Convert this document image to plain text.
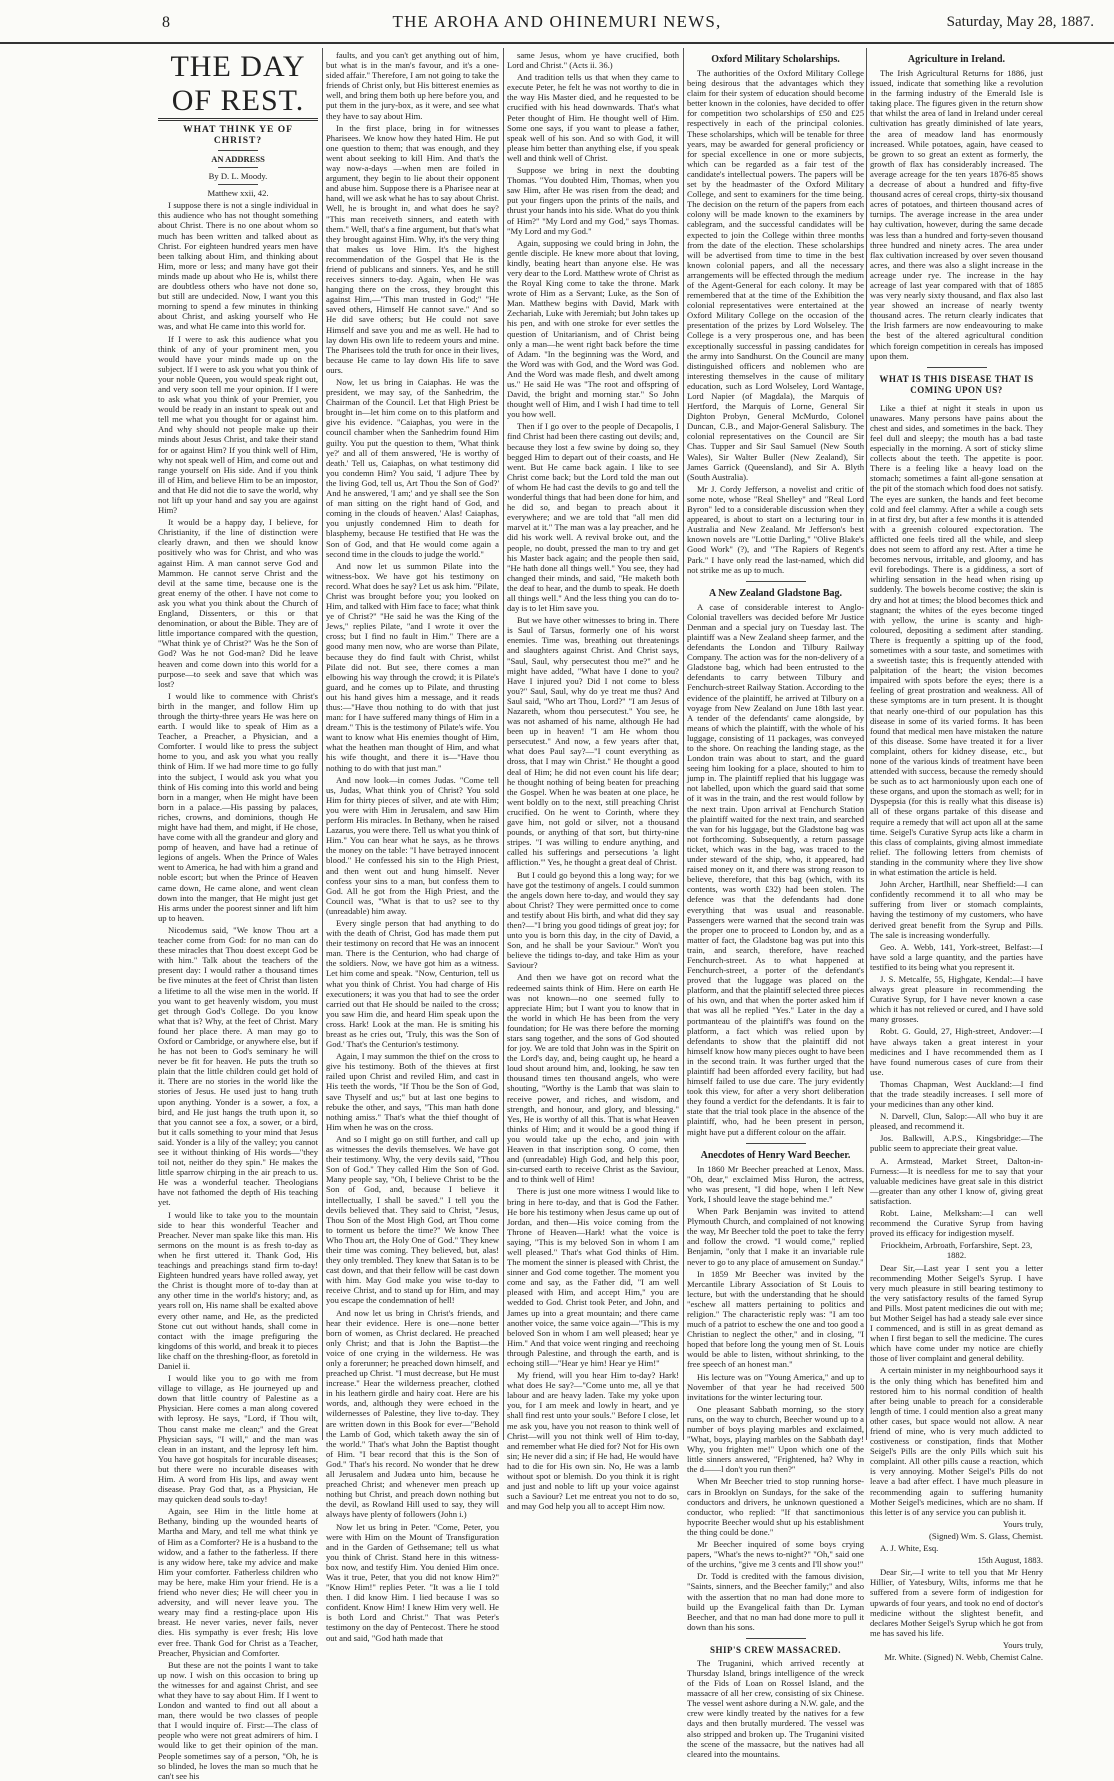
8	THE AROHA AND OHINEMURI NEWS,	Saturday, May 28, 1887.
THE DAY OF REST.
WHAT THINK YE OF CHRIST?
AN ADDRESS

By D. L. Moody.

Matthew xxii, 42.

I suppose there is not a single individual in this audience who has not thought something about Christ. There is no one about whom so much has been written and talked about as Christ. For eighteen hundred years men have been talking about Him, and thinking about Him, more or less; and many have got their minds made up about who He is, whilst there are doubtless others who have not done so, but still are undecided. Now, I want you this morning to spend a few minutes in thinking about Christ, and asking yourself who He was, and what He came into this world for.

If I were to ask this audience what you think of any of your prominent men, you would have your minds made up on the subject. If I were to ask you what you think of your noble Queen, you would speak right out, and very soon tell me your opinion. If I were to ask what you think of your Premier, you would be ready in an instant to speak out and tell me what you thought for or against him. And why should not people make up their minds about Jesus Christ, and take their stand for or against Him? If you think well of Him, why not speak well of Him, and come out and range yourself on His side. And if you think ill of Him, and believe Him to be an impostor, and that He did not die to save the world, why not lift up your hand and say you are against Him?

It would be a happy day, I believe, for Christianity, if the line of distinction were clearly drawn, and then we should know positively who was for Christ, and who was against Him. A man cannot serve God and Mammon. He cannot serve Christ and the devil at the same time, because one is the great enemy of the other. I have not come to ask you what you think about the Church of England, Dissenters, or this or that denomination, or about the Bible. They are of little importance compared with the question, "What think ye of Christ?" Was he the Son of God? Was he not God-man? Did he leave heaven and come down into this world for a purpose—to seek and save that which was lost?

I would like to commence with Christ's birth in the manger, and follow Him up through the thirty-three years He was here on earth. I would like to speak of Him as a Teacher, a Preacher, a Physician, and a Comforter. I would like to press the subject home to you, and ask you what you really think of Him. If we had more time to go fully into the subject, I would ask you what you think of His coming into this world and being born in a manger, when He might have been born in a palace.—His passing by palaces, riches, crowns, and dominions, though He might have had them, and might, if He chose, have come with all the grandeur and glory and pomp of heaven, and have had a retinue of legions of angels. When the Prince of Wales went to America, he had with him a grand and noble escort; but when the Prince of Heaven came down, He came alone, and went clean down into the manger, that He might just get His arms under the poorest sinner and lift him up to heaven.

Nicodemus said, "We know Thou art a teacher come from God: for no man can do these miracles that Thou doest except God be with him." Talk about the teachers of the present day: I would rather a thousand times be five minutes at the feet of Christ than listen a lifetime to all the wise men in the world. If you want to get heavenly wisdom, you must get through God's College. Do you know what that is? Why, at the feet of Christ. Mary found her place there. A man may go to Oxford or Cambridge, or anywhere else, but if he has not been to God's seminary he will never be fit for heaven. He puts the truth so plain that the little children could get hold of it. There are no stories in the world like the stories of Jesus. He used just to hang truth upon anything. Yonder is a sower, a fox, a bird, and He just hangs the truth upon it, so that you cannot see a fox, a sower, or a bird, but it calls something to your mind that Jesus said. Yonder is a lily of the valley; you cannot see it without thinking of His words—"they toil not, neither do they spin." He makes the little sparrow chirping in the air preach to us. He was a wonderful teacher. Theologians have not fathomed the depth of His teaching yet.

I would like to take you to the mountain side to hear this wonderful Teacher and Preacher. Never man spake like this man. His sermons on the mount is as fresh to-day as when he first uttered it. Thank God, His teachings and preachings stand firm to-day! Eighteen hundred years have rolled away, yet the Christ is thought more of to-day than at any other time in the world's history; and, as years roll on, His name shall be exalted above every other name, and He, as the predicted Stone cut out without hands, shall come in contact with the image prefiguring the kingdoms of this world, and break it to pieces like chaff on the threshing-floor, as foretold in Daniel ii.

I would like you to go with me from village to village, as He journeyed up and down that little country of Palestine as a Physician. Here comes a man along covered with leprosy. He says, "Lord, if Thou wilt, Thou canst make me clean;" and the Great Physician says, "I will," and the man was clean in an instant, and the leprosy left him. You have got hospitals for incurable diseases; but there were no incurable diseases with Him. A word from His lips, and away went disease. Pray God that, as a Physician, He may quicken dead souls to-day!

Again, see Him in the little home at Bethany, binding up the wounded hearts of Martha and Mary, and tell me what think ye of Him as a Comforter? He is a husband to the widow, and a father to the fatherless. If there is any widow here, take my advice and make Him your comforter. Fatherless children who may be here, make Him your friend. He is a friend who never dies; He will cheer you in adversity, and will never leave you. The weary may find a resting-place upon His breast. He never varies, never fails, never dies. His sympathy is ever fresh; His love ever free. Thank God for Christ as a Teacher, Preacher, Physician and Comforter.

But these are not the points I want to take up now. I wish on this occasion to bring up the witnesses for and against Christ, and see what they have to say about Him. If I went to London and wanted to find out all about a man, there would be two classes of people that I would inquire of. First:—The class of people who were not great admirers of him. I would like to get their opinion of the man. People sometimes say of a person, "Oh, he is so blinded, he loves the man so much that he can't see his

faults, and you can't get anything out of him, but what is in the man's favour, and it's a one-sided affair." Therefore, I am not going to take the friends of Christ only, but His bitterest enemies as well, and bring them both up here before you, and put them in the jury-box, as it were, and see what they have to say about Him.

In the first place, bring in for witnesses Pharisees. We know how they hated Him. He put one question to them; that was enough, and they went about seeking to kill Him. And that's the way now-a-days —when men are foiled in argument, they begin to lie about their opponent and abuse him. Suppose there is a Pharisee near at hand, will we ask what he has to say about Christ. Well, he is brought in, and what does he say? "This man receiveth sinners, and eateth with them." Well, that's a fine argument, but that's what they brought against Him. Why, it's the very thing that makes us love Him. It's the highest recommendation of the Gospel that He is the friend of publicans and sinners. Yes, and he still receives sinners to-day. Again, when He was hanging there on the cross, they brought this against Him,—"This man trusted in God;" "He saved others, Himself He cannot save." And so He did save others; but He could not save Himself and save you and me as well. He had to lay down His own life to redeem yours and mine. The Pharisees told the truth for once in their lives, because He came to lay down His life to save ours.

Now, let us bring in Caiaphas. He was the president, we may say, of the Sanhedrim, the Chairman of the Council. Let that High Priest be brought in—let him come on to this platform and give his evidence. "Caiaphas, you were in the council chamber when the Sanhedrim found Him guilty. You put the question to them, 'What think ye?' and all of them answered, 'He is worthy of death.' Tell us, Caiaphas, on what testimony did you condemn Him? You said, 'I adjure Thee by the living God, tell us, Art Thou the Son of God?' And he answered, 'I am;' and ye shall see the Son of man sitting on the right hand of God, and coming in the clouds of heaven.' Alas! Caiaphas, you unjustly condemned Him to death for blasphemy, because He testified that He was the Son of God, and that He would come again a second time in the clouds to judge the world."

And now let us summon Pilate into the witness-box. We have got his testimony on record. What does he say? Let us ask him. "Pilate, Christ was brought before you; you looked on Him, and talked with Him face to face; what think ye of Christ?" "He said he was the King of the Jews," replies Pilate, "and I wrote it over the cross; but I find no fault in Him." There are a good many men now, who are worse than Pilate, because they do find fault with Christ, whilst Pilate did not. But see, there comes a man elbowing his way through the crowd; it is Pilate's guard, and he comes up to Pilate, and thrusting out his hand gives him a message, and it reads thus:—"Have thou nothing to do with that just man: for I have suffered many things of Him in a dream." This is the testimony of Pilate's wife. You want to know what His enemies thought of Him, what the heathen man thought of Him, and what his wife thought, and there it is—"Have thou nothing to do with that just man."

And now look—in comes Judas. "Come tell us, Judas, What think you of Christ? You sold Him for thirty pieces of silver, and ate with Him; you were with Him in Jerusalem, and saw Him perform His miracles. In Bethany, when he raised Lazarus, you were there. Tell us what you think of Him." You can hear what he says, as he throws the money on the table: "I have betrayed innocent blood." He confessed his sin to the High Priest, and then went out and hung himself. Never confess your sins to a man, but confess them to God. All he got from the High Priest, and the Council was, "What is that to us? see to thy (unreadable) him away.

Every single person that had anything to do with the death of Christ, God has made them put their testimony on record that He was an innocent man. There is the Centurion, who had charge of the soldiers. Now, we have got him as a witness. Let him come and speak. "Now, Centurion, tell us what you think of Christ. You had charge of His executioners; it was you that had to see the order carried out that He should be nailed to the cross; you saw Him die, and heard Him speak upon the cross. Hark! Look at the man. He is smiting his breast as he cries out, 'Truly, this was the Son of God.' That's the Centurion's testimony.

Again, I may summon the thief on the cross to give his testimony. Both of the thieves at first railed upon Christ and reviled Him, and cast in His teeth the words, "If Thou be the Son of God, save Thyself and us;" but at last one begins to rebuke the other, and says, "This man hath done nothing amiss." That's what the thief thought of Him when he was on the cross.

And so I might go on still further, and call up as witnesses the devils themselves. We have got their testimony. Why, the very devils said, "Thou Son of God." They called Him the Son of God. Many people say, "Oh, I believe Christ to be the Son of God, and, because I believe it intellectually, I shall be saved." I tell you the devils believed that. They said to Christ, "Jesus, Thou Son of the Most High God, art Thou come to torment us before the time?" We know Thee Who Thou art, the Holy One of God." They knew their time was coming. They believed, but, alas! they only trembled. They knew that Satan is to be cast down, and that their fellow will be cast down with him. May God make you wise to-day to receive Christ, and to stand up for Him, and may you escape the condemnation of hell!

And now let us bring in Christ's friends, and hear their evidence. Here is one—none better born of women, as Christ declared. He preached only Christ; and that is John the Baptist—the voice of one crying in the wilderness. He was only a forerunner; he preached down himself, and preached up Christ. "I must decrease, but He must increase." Hear the wilderness preacher, clothed in his leathern girdle and hairy coat. Here are his words, and, although they were echoed in the wildernesses of Palestine, they live to-day. They are written down in this Book for ever—"Behold the Lamb of God, which taketh away the sin of the world." That's what John the Baptist thought of Him. "I bear record that this is the Son of God." That's his record. No wonder that he drew all Jerusalem and Judæa unto him, because he preached Christ; and whenever men preach up nothing but Christ, and preach down nothing but the devil, as Rowland Hill used to say, they will always have plenty of followers (John i.)

Now let us bring in Peter. "Come, Peter, you were with Him on the Mount of Transfiguration and in the Garden of Gethsemane; tell us what you think of Christ. Stand here in this witness-box now, and testify Him. You denied Him once. Was it true, Peter, that you did not know Him?" "Know Him!" replies Peter. "It was a lie I told then. I did know Him. I lied because I was so confident. Know Him! I knew Him very well. He is both Lord and Christ." That was Peter's testimony on the day of Pentecost. There he stood out and said, "God hath made that

same Jesus, whom ye have crucified, both Lord and Christ." (Acts ii. 36.)

And tradition tells us that when they came to execute Peter, he felt he was not worthy to die in the way His Master died, and he requested to be crucified with his head downwards. That's what Peter thought of Him. He thought well of Him. Some one says, if you want to please a father, speak well of his son. And so with God, it will please him better than anything else, if you speak well and think well of Christ.

Suppose we bring in next the doubting Thomas. "You doubted Him, Thomas, when you saw Him, after He was risen from the dead; and put your fingers upon the prints of the nails, and thrust your hands into his side. What do you think of Him?" "My Lord and my God," says Thomas. "My Lord and my God."

Again, supposing we could bring in John, the gentle disciple. He knew more about that loving, kindly, beating heart than anyone else. He was very dear to the Lord. Matthew wrote of Christ as the Royal King come to take the throne. Mark wrote of Him as a Servant; Luke, as the Son of Man. Matthew begins with David, Mark with Zechariah, Luke with Jeremiah; but John takes up his pen, and with one stroke for ever settles the question of Unitarianism, and of Christ being only a man—he went right back before the time of Adam. "In the beginning was the Word, and the Word was with God, and the Word was God. And the Word was made flesh, and dwelt among us." He said He was "The root and offspring of David, the bright and morning star." So John thought well of Him, and I wish I had time to tell you how well.

Then if I go over to the people of Decapolis, I find Christ had been there casting out devils; and, because they lost a few swine by doing so, they begged Him to depart out of their coasts, and He went. But He came back again. I like to see Christ come back; but the Lord told the man out of whom He had cast the devils to go and tell the wonderful things that had been done for him, and he did so, and began to preach about it everywhere; and we are told that "all men did marvel at it." The man was a lay preacher, and he did his work well. A revival broke out, and the people, no doubt, pressed the man to try and get his Master back again; and the people then said, "He hath done all things well." You see, they had changed their minds, and said, "He maketh both the deaf to hear, and the dumb to speak. He doeth all things well." And the less thing you can do to-day is to let Him save you.

But we have other witnesses to bring in. There is Saul of Tarsus, formerly one of his worst enemies. Time was, breathing out threatenings and slaughters against Christ. And Christ says, "Saul, Saul, why persecutest thou me?" and he might have added, "What have I done to you? Have I injured you? Did I not come to bless you?" Saul, Saul, why do ye treat me thus? And Saul said, "Who art Thou, Lord?" "I am Jesus of Nazareth, whom thou persecutest." You see, he was not ashamed of his name, although He had been up in heaven! "I am He whom thou persecutest." And now, a few years after that, what does Paul say?—"I count everything as dross, that I may win Christ." He thought a good deal of Him; he did not even count his life dear; he thought nothing of being beaten for preaching the Gospel. When he was beaten at one place, he went boldly on to the next, still preaching Christ crucified. On he went to Corinth, where they gave him, not gold or silver, not a thousand pounds, or anything of that sort, but thirty-nine stripes. "I was willing to endure anything, and called his sufferings and persecutions 'a light affliction.'" Yes, he thought a great deal of Christ.

But I could go beyond this a long way; for we have got the testimony of angels. I could summon the angels down here to-day, and would they say about Christ? They were permitted once to come and testify about His birth, and what did they say then?—"I bring you good tidings of great joy; for unto you is born this day, in the city of David, a Son, and he shall be your Saviour." Won't you believe the tidings to-day, and take Him as your Saviour?

And then we have got on record what the redeemed saints think of Him. Here on earth He was not known—no one seemed fully to appreciate Him; but I want you to know that in the world in which He has been from the very foundation; for He was there before the morning stars sang together, and the sons of God shouted for joy. We are told that John was in the Spirit on the Lord's day, and, being caught up, he heard a loud shout around him, and, looking, he saw ten thousand times ten thousand angels, who were shouting, "Worthy is the Lamb that was slain to receive power, and riches, and wisdom, and strength, and honour, and glory, and blessing." Yes, He is worthy of all this. That is what Heaven thinks of Him; and it would be a good thing if you would take up the echo, and join with Heaven in that inscription song. O come, then and (unreadable) High God, and help this poor, sin-cursed earth to receive Christ as the Saviour, and to think well of Him!

There is just one more witness I would like to bring in here to-day, and that is God the Father. He bore his testimony when Jesus came up out of Jordan, and then—His voice coming from the Throne of Heaven—Hark! what the voice is saying, "This is my beloved Son in whom I am well pleased." That's what God thinks of Him. The moment the sinner is pleased with Christ, the sinner and God come together. The moment you come and say, as the Father did, "I am well pleased with Him, and accept Him," you are wedded to God. Christ took Peter, and John, and James up into a great mountain; and there came another voice, the same voice again—"This is my beloved Son in whom I am well pleased; hear ye Him." And that voice went ringing and reechoing through Palestine, and through the earth, and is echoing still—"Hear ye him! Hear ye Him!"

My friend, will you hear Him to-day? Hark! what does He say?—"Come unto me, all ye that labour and are heavy laden. Take my yoke upon you, for I am meek and lowly in heart, and ye shall find rest unto your souls." Before I close, let me ask you, have you not reason to think well of Christ—will you not think well of Him to-day, and remember what He died for? Not for His own sin; He never did a sin; if He had, He would have had to die for His own sin. No, He was a lamb without spot or blemish. Do you think it is right and just and noble to lift up your voice against such a Saviour? Let me entreat you not to do so, and may God help you all to accept Him now.

Oxford Military Scholarships.

The authorities of the Oxford Military College being desirous that the advantages which they claim for their system of education should become better known in the colonies, have decided to offer for competition two scholarships of £50 and £25 respectively in each of the principal colonies. These scholarships, which will be tenable for three years, may be awarded for general proficiency or for special excellence in one or more subjects, which can be regarded as a fair test of the candidate's intellectual powers. The papers will be set by the headmaster of the Oxford Military College, and sent to examiners for the time being. The decision on the return of the papers from each colony will be made known to the examiners by cablegram, and the successful candidates will be expected to join the College within three months from the date of the election. These scholarships will be advertised from time to time in the best known colonial papers, and all the necessary arrangements will be effected through the medium of the Agent-General for each colony. It may be remembered that at the time of the Exhibition the colonial representatives were entertained at the Oxford Military College on the occasion of the presentation of the prizes by Lord Wolseley. The College is a very prosperous one, and has been exceptionally successful in passing candidates for the army into Sandhurst. On the Council are many distinguished officers and noblemen who are interesting themselves in the cause of military education, such as Lord Wolseley, Lord Wantage, Lord Napier (of Magdala), the Marquis of Hertford, the Marquis of Lorne, General Sir Dighton Probyn, General McMurdo, Colonel Duncan, C.B., and Major-General Salisbury. The colonial representatives on the Council are Sir Chas. Tupper and Sir Saul Samuel (New South Wales), Sir Walter Buller (New Zealand), Sir James Garrick (Queensland), and Sir A. Blyth (South Australia).

Mr J. Cordy Jefferson, a novelist and critic of some note, whose "Real Shelley" and "Real Lord Byron" led to a considerable discussion when they appeared, is about to start on a lecturing tour in Australia and New Zealand. Mr Jefferson's best known novels are "Lottie Darling," "Olive Blake's Good Work" (?), and "The Rapiers of Regent's Park." I have only read the last-named, which did not strike me as up to much.

A New Zealand Gladstone Bag.

A case of considerable interest to Anglo-Colonial travellers was decided before Mr Justice Denman and a special jury on Tuesday last. The plaintiff was a New Zealand sheep farmer, and the defendants the London and Tilbury Railway Company. The action was for the non-delivery of a Gladstone bag, which had been entrusted to the defendants to carry between Tilbury and Fenchurch-street Railway Station. According to the evidence of the plaintiff, he arrived at Tilbury on a voyage from New Zealand on June 18th last year. A tender of the defendants' came alongside, by means of which the plaintiff, with the whole of his luggage, consisting of 11 packages, was conveyed to the shore. On reaching the landing stage, as the London train was about to start, and the guard seeing him looking for a place, shouted to him to jump in. The plaintiff replied that his luggage was not labelled, upon which the guard said that some of it was in the train, and the rest would follow by the next train. Upon arrival at Fenchurch Station the plaintiff waited for the next train, and searched the van for his luggage, but the Gladstone bag was not forthcoming. Subsequently, a return passage ticket, which was in the bag, was traced to the under steward of the ship, who, it appeared, had raised money on it, and there was strong reason to believe, therefore, that this bag (which, with its contents, was worth £32) had been stolen. The defence was that the defendants had done everything that was usual and reasonable. Passengers were warned that the second train was the proper one to proceed to London by, and as a matter of fact, the Gladstone bag was put into this train, and search, therefore, have reached Fenchurch-street. As to what happened at Fenchurch-street, a porter of the defendant's proved that the luggage was placed on the platform, and that the plaintiff selected three pieces of his own, and that when the porter asked him if that was all he replied "Yes." Later in the day a portmanteau of the plaintiff's was found on the platform, a fact which was relied upon by defendants to show that the plaintiff did not himself know how many pieces ought to have been in the second train. It was further urged that the plaintiff had been afforded every facility, but had himself failed to use due care. The jury evidently took this view, for after a very short deliberation they found a verdict for the defendants. It is fair to state that the trial took place in the absence of the plaintiff, who, had he been present in person, might have put a different colour on the affair.

Anecdotes of Henry Ward Beecher.

In 1860 Mr Beecher preached at Lenox, Mass. "Oh, dear," exclaimed Miss Huron, the actress, who was present, "I did hope, when I left New York, I should leave the stage behind me."

When Park Benjamin was invited to attend Plymouth Church, and complained of not knowing the way, Mr Beecher told the poet to take the ferry and follow the crowd. "I would come," replied Benjamin, "only that I make it an invariable rule never to go to any place of amusement on Sunday."

In 1859 Mr Beecher was invited by the Mercantile Library Association of St Louis to lecture, but with the understanding that he should "eschew all matters pertaining to politics and religion." The characteristic reply was: "I am too much of a patriot to eschew the one and too good a Christian to neglect the other," and in closing, "I hoped that before long the young men of St. Louis would be able to listen, without shrinking, to the free speech of an honest man."

His lecture was on "Young America," and up to November of that year he had received 500 invitations for the winter lecturing tour.

One pleasant Sabbath morning, so the story runs, on the way to church, Beecher wound up to a number of boys playing marbles and exclaimed, "What, boys, playing marbles on the Sabbath day! Why, you frighten me!" Upon which one of the little sinners answered, "Frightened, ha? Why in the d——l don't you run then?"

When Mr Beecher tried to stop running horse-cars in Brooklyn on Sundays, for the sake of the conductors and drivers, he unknown questioned a conductor, who replied: "If that sanctimonious hypocrite Beecher would shut up his establishment the thing could be done."

Mr Beecher inquired of some boys crying papers, "What's the news to-night?" "Oh," said one of the urchins, "give me 3 cents and I'll show you!"

Dr. Todd is credited with the famous division, "Saints, sinners, and the Beecher family;" and also with the assertion that no man had done more to build up the Evangelical faith than Dr. Lyman Beecher, and that no man had done more to pull it down than his sons.

SHIP'S CREW MASSACRED.

The Truganini, which arrived recently at Thursday Island, brings intelligence of the wreck of the Fids of Loan on Rossel Island, and the massacre of all her crew, consisting of six Chinese. The vessel went ashore during a N.W. gale, and the crew were kindly treated by the natives for a few days and then brutally murdered. The vessel was also stripped and broken up. The Truganini visited the scene of the massacre, but the natives had all cleared into the mountains.

Agriculture in Ireland.

The Irish Agricultural Returns for 1886, just issued, indicate that something like a revolution in the farming industry of the Emerald Isle is taking place. The figures given in the return show that whilst the area of land in Ireland under cereal cultivation has greatly diminished of late years, the area of meadow land has enormously increased. While potatoes, again, have ceased to be grown to so great an extent as formerly, the growth of flax has considerably increased. The average acreage for the ten years 1876-85 shows a decrease of about a hundred and fifty-five thousand acres of cereal crops, thirty-six thousand acres of potatoes, and thirteen thousand acres of turnips. The average increase in the area under hay cultivation, however, during the same decade was less than a hundred and forty-seven thousand three hundred and ninety acres. The area under flax cultivation increased by over seven thousand acres, and there was also a slight increase in the acreage under rye. The increase in the hay acreage of last year compared with that of 1885 was very nearly sixty thousand, and flax also last year showed an increase of nearly twenty thousand acres. The return clearly indicates that the Irish farmers are now endeavouring to make the best of the altered agricultural condition which foreign competition in cereals has imposed upon them.

WHAT IS THIS DISEASE THAT IS COMING UPON US?

Like a thief at night it steals in upon us unawares. Many persons have pains about the chest and sides, and sometimes in the back. They feel dull and sleepy; the mouth has a bad taste especially in the morning. A sort of sticky slime collects about the teeth. The appetite is poor. There is a feeling like a heavy load on the stomach; sometimes a faint all-gone sensation at the pit of the stomach which food does not satisfy. The eyes are sunken, the hands and feet become cold and feel clammy. After a while a cough sets in at first dry, but after a few months it is attended with a greenish coloured expectoration. The afflicted one feels tired all the while, and sleep does not seem to afford any rest. After a time he becomes nervous, irritable, and gloomy, and has evil forebodings. There is a giddiness, a sort of whirling sensation in the head when rising up suddenly. The bowels become costive; the skin is dry and hot at times; the blood becomes thick and stagnant; the whites of the eyes become tinged with yellow, the urine is scanty and high-coloured, depositing a sediment after standing. There is frequently a spitting up of the food, sometimes with a sour taste, and sometimes with a sweetish taste; this is frequently attended with palpitation of the heart; the vision becomes impaired with spots before the eyes; there is a feeling of great prostration and weakness. All of these symptoms are in turn present. It is thought that nearly one-third of our population has this disease in some of its varied forms. It has been found that medical men have mistaken the nature of this disease. Some have treated it for a liver complaint, others for kidney disease, etc., but none of the various kinds of treatment have been attended with success, because the remedy should be such as to act harmoniously upon each one of these organs, and upon the stomach as well; for in Dyspepsia (for this is really what this disease is) all of these organs partake of this disease and require a remedy that will act upon all at the same time. Seigel's Curative Syrup acts like a charm in this class of complaints, giving almost immediate relief. The following letters from chemists of standing in the community where they live show in what estimation the article is held.

John Archer, Hartlhill, near Sheffield:—I can confidently recommend it to all who may be suffering from liver or stomach complaints, having the testimony of my customers, who have derived great benefit from the Syrup and Pills. The sale is increasing wonderfully.

Geo. A. Webb, 141, York-street, Belfast:—I have sold a large quantity, and the parties have testified to its being what you represent it.

J. S. Metcalfe, 55, Highgate, Kendal:—I have always great pleasure in recommending the Curative Syrup, for I have never known a case which it has not relieved or cured, and I have sold many grosses.

Robt. G. Gould, 27, High-street, Andover:—I have always taken a great interest in your medicines and I have recommended them as I have found numerous cases of cure from their use.

Thomas Chapman, West Auckland:—I find that the trade steadily increases. I sell more of your medicines than any other kind.

N. Darvell, Clun, Salop:—All who buy it are pleased, and recommend it.

Jos. Balkwill, A.P.S., Kingsbridge:—The public seem to appreciate their great value.

A. Armstead, Market Street, Dalton-in-Furness:—It is needless for me to say that your valuable medicines have great sale in this district—greater than any other I know of, giving great satisfaction.

Robt. Laine, Melksham:—I can well recommend the Curative Syrup from having proved its efficacy for indigestion myself.

Friockheim, Arbroath, Forfarshire, Sept. 23, 1882.

Dear Sir,—Last year I sent you a letter recommending Mother Seigel's Syrup. I have very much pleasure in still bearing testimony to the very satisfactory results of the famed Syrup and Pills. Most patent medicines die out with me; but Mother Seigel has had a steady sale ever since I commenced, and is still in as great demand as when I first began to sell the medicine. The cures which have come under my notice are chiefly those of liver complaint and general debility.

A certain minister in my neighbourhood says it is the only thing which has benefited him and restored him to his normal condition of health after being unable to preach for a considerable length of time. I could mention also a great many other cases, but space would not allow. A near friend of mine, who is very much addicted to costiveness or constipation, finds that Mother Seigel's Pills are the only Pills which suit his complaint. All other pills cause a reaction, which is very annoying. Mother Seigel's Pills do not leave a bad after effect. I have much pleasure in recommending again to suffering humanity Mother Seigel's medicines, which are no sham. If this letter is of any service you can publish it.

Yours truly,

(Signed) Wm. S. Glass, Chemist.

A. J. White, Esq.

15th August, 1883.

Dear Sir,—I write to tell you that Mr Henry Hillier, of Yatesbury, Wilts, informs me that he suffered from a severe form of indigestion for upwards of four years, and took no end of doctor's medicine without the slightest benefit, and declares Mother Seigel's Syrup which he got from me has saved his life.

Yours truly,

Mr. White. (Signed) N. Webb, Chemist Calne.
